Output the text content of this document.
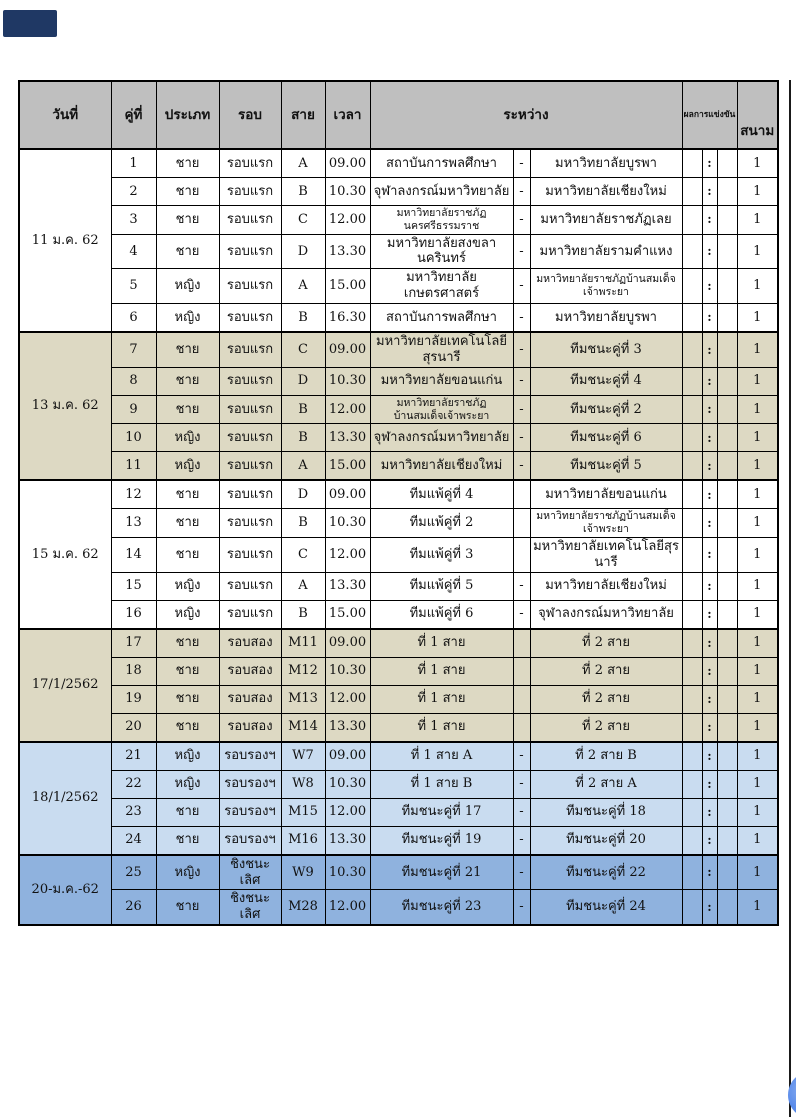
วันที่	คู่ที่	ประเภท	รอบ	สาย	เวลา	ระหว่าง			ผลการแข่งขัน			สนาม
11 ม.ค. 62	1	ชาย	รอบแรก	A	09.00	สถาบันการพลศึกษา	-	มหาวิทยาลัยบูรพา		:		1
	2	ชาย	รอบแรก	B	10.30	จุฬาลงกรณ์มหาวิทยาลัย	-	มหาวิทยาลัยเชียงใหม่		:		1
	3	ชาย	รอบแรก	C	12.00	มหาวิทยาลัยราชภัฏนครศรีธรรมราช	-	มหาวิทยาลัยราชภัฏเลย		:		1
	4	ชาย	รอบแรก	D	13.30	มหาวิทยาลัยสงขลานครินทร์	-	มหาวิทยาลัยรามคำแหง		:		1
	5	หญิง	รอบแรก	A	15.00	มหาวิทยาลัยเกษตรศาสตร์	-	มหาวิทยาลัยราชภัฏบ้านสมเด็จเจ้าพระยา		:		1
	6	หญิง	รอบแรก	B	16.30	สถาบันการพลศึกษา	-	มหาวิทยาลัยบูรพา		:		1
13 ม.ค. 62	7	ชาย	รอบแรก	C	09.00	มหาวิทยาลัยเทคโนโลยีสุรนารี	-	ทีมชนะคู่ที่ 3		:		1
	8	ชาย	รอบแรก	D	10.30	มหาวิทยาลัยขอนแก่น	-	ทีมชนะคู่ที่ 4		:		1
	9	ชาย	รอบแรก	B	12.00	มหาวิทยาลัยราชภัฏบ้านสมเด็จเจ้าพระยา	-	ทีมชนะคู่ที่ 2		:		1
	10	หญิง	รอบแรก	B	13.30	จุฬาลงกรณ์มหาวิทยาลัย	-	ทีมชนะคู่ที่ 6		:		1
	11	หญิง	รอบแรก	A	15.00	มหาวิทยาลัยเชียงใหม่	-	ทีมชนะคู่ที่ 5		:		1
15 ม.ค. 62	12	ชาย	รอบแรก	D	09.00	ทีมแพ้คู่ที่ 4		มหาวิทยาลัยขอนแก่น		:		1
	13	ชาย	รอบแรก	B	10.30	ทีมแพ้คู่ที่ 2		มหาวิทยาลัยราชภัฏบ้านสมเด็จเจ้าพระยา		:		1
	14	ชาย	รอบแรก	C	12.00	ทีมแพ้คู่ที่ 3		มหาวิทยาลัยเทคโนโลยีสุรนารี		:		1
	15	หญิง	รอบแรก	A	13.30	ทีมแพ้คู่ที่ 5	-	มหาวิทยาลัยเชียงใหม่		:		1
	16	หญิง	รอบแรก	B	15.00	ทีมแพ้คู่ที่ 6	-	จุฬาลงกรณ์มหาวิทยาลัย		:		1
17/1/2562	17	ชาย	รอบสอง	M11	09.00	ที่ 1 สาย		ที่ 2 สาย		:		1
	18	ชาย	รอบสอง	M12	10.30	ที่ 1 สาย		ที่ 2 สาย		:		1
	19	ชาย	รอบสอง	M13	12.00	ที่ 1 สาย		ที่ 2 สาย		:		1
	20	ชาย	รอบสอง	M14	13.30	ที่ 1 สาย		ที่ 2 สาย		:		1
18/1/2562	21	หญิง	รอบรองฯ	W7	09.00	ที่ 1 สาย A	-	ที่ 2 สาย B		:		1
	22	หญิง	รอบรองฯ	W8	10.30	ที่ 1 สาย B	-	ที่ 2 สาย A		:		1
	23	ชาย	รอบรองฯ	M15	12.00	ทีมชนะคู่ที่ 17	-	ทีมชนะคู่ที่ 18		:		1
	24	ชาย	รอบรองฯ	M16	13.30	ทีมชนะคู่ที่ 19	-	ทีมชนะคู่ที่ 20		:		1
20-ม.ค.-62	25	หญิง	ชิงชนะเลิศ	W9	10.30	ทีมชนะคู่ที่ 21	-	ทีมชนะคู่ที่ 22		:		1
	26	ชาย	ชิงชนะเลิศ	M28	12.00	ทีมชนะคู่ที่ 23	-	ทีมชนะคู่ที่ 24		:		1
